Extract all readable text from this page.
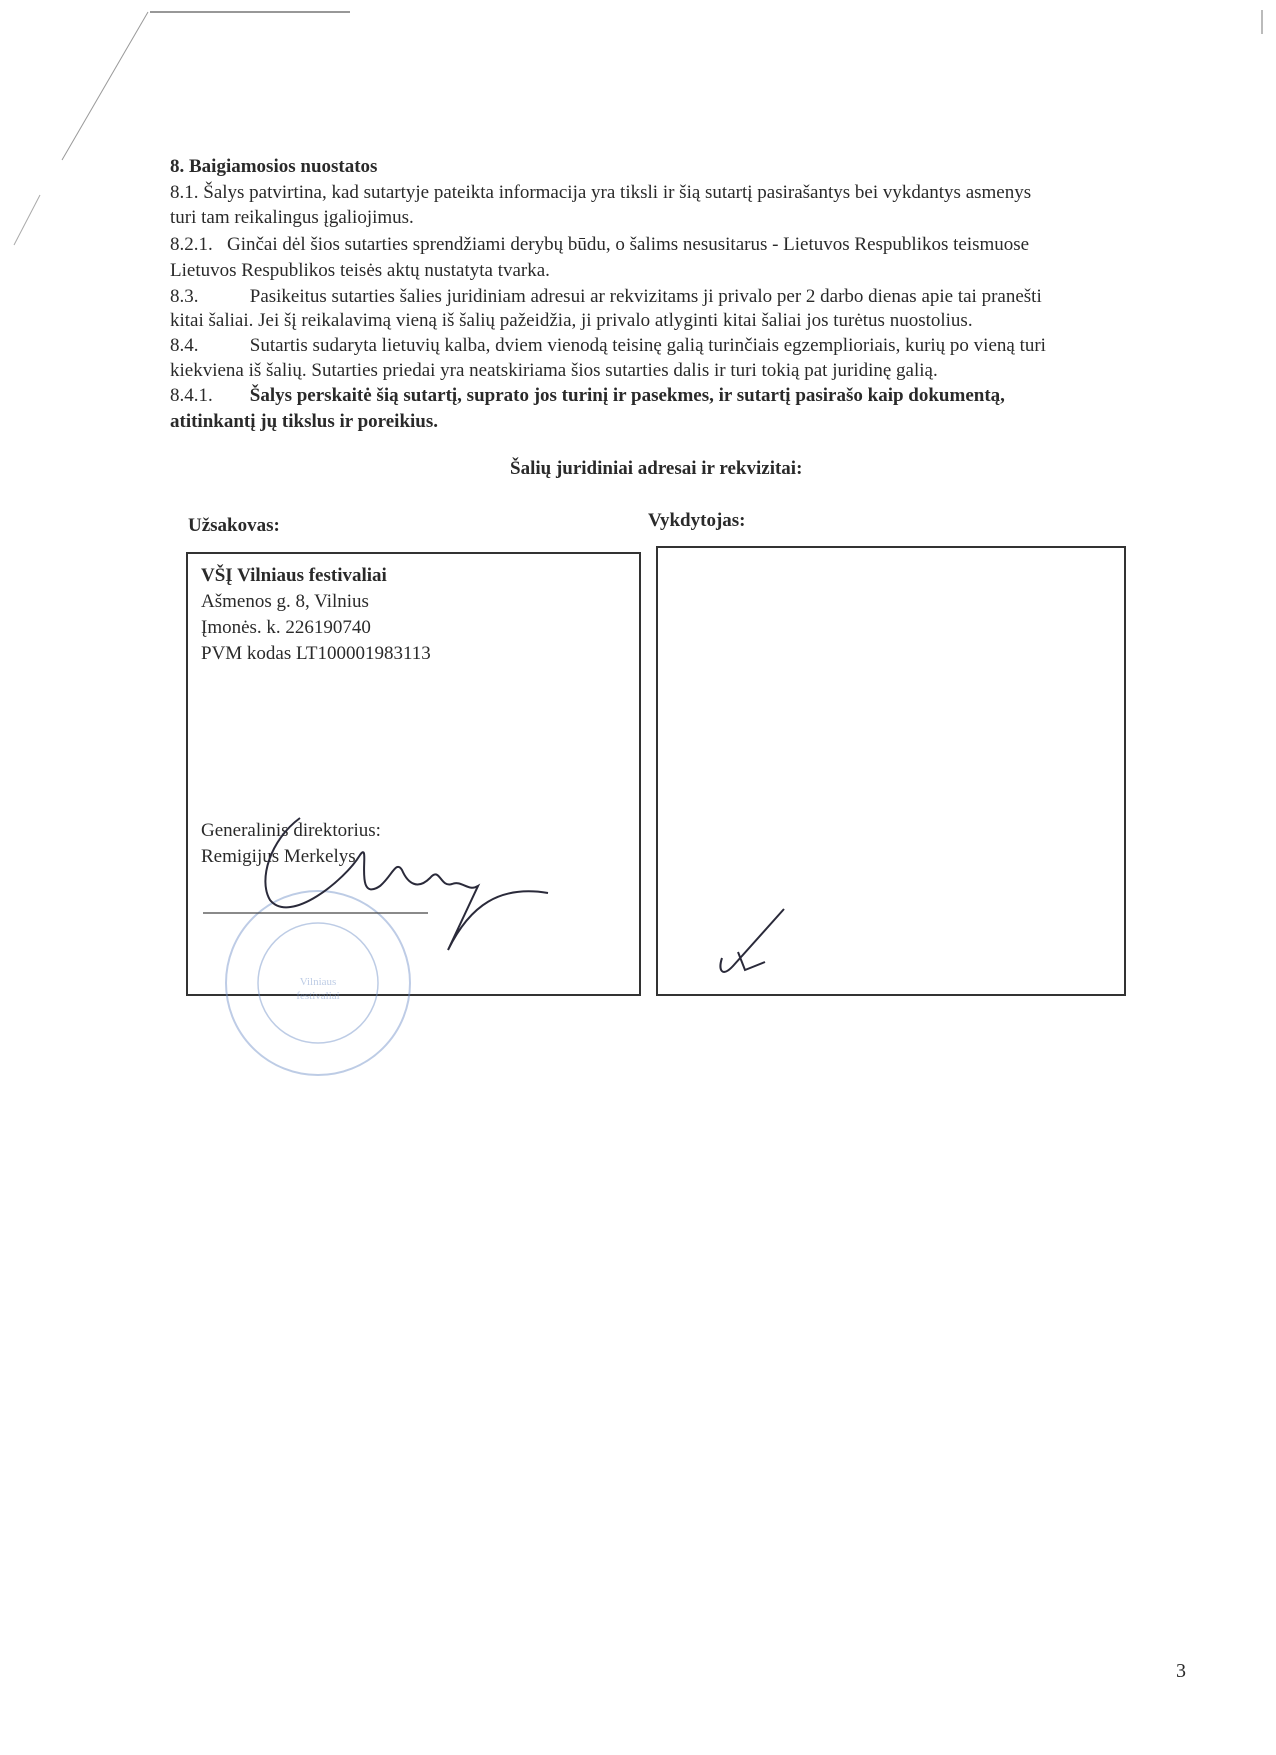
8. Baigiamosios nuostatos
8.1. Šalys patvirtina, kad sutartyje pateikta informacija yra tiksli ir šią sutartį pasirašantys bei vykdantys asmenys
turi tam reikalingus įgaliojimus.
8.2.1. Ginčai dėl šios sutarties sprendžiami derybų būdu, o šalims nesusitarus - Lietuvos Respublikos teismuose
Lietuvos Respublikos teisės aktų nustatyta tvarka.
8.3.	Pasikeitus sutarties šalies juridiniam adresui ar rekvizitams ji privalo per 2 darbo dienas apie tai pranešti
kitai šaliai. Jei šį reikalavimą vieną iš šalių pažeidžia, ji privalo atlyginti kitai šaliai jos turėtus nuostolius.
8.4.	Sutartis sudaryta lietuvių kalba, dviem vienodą teisinę galią turinčiais egzemplioriais, kurių po vieną turi
kiekviena iš šalių. Sutarties priedai yra neatskiriama šios sutarties dalis ir turi tokią pat juridinę galią.
8.4.1. Šalys perskaitė šią sutartį, suprato jos turinį ir pasekmes, ir sutartį pasirašo kaip dokumentą,
atitinkantį jų tikslus ir poreikius.
Šalių juridiniai adresai ir rekvizitai:
Užsakovas:	Vykdytojas:
VŠĮ Vilniaus festivaliai
Ašmenos g. 8, Vilnius
Įmonės. k. 226190740
PVM kodas LT100001983113
Generalinis direktorius:
Remigijus Merkelys
Vilniaus
festivaliai
3
